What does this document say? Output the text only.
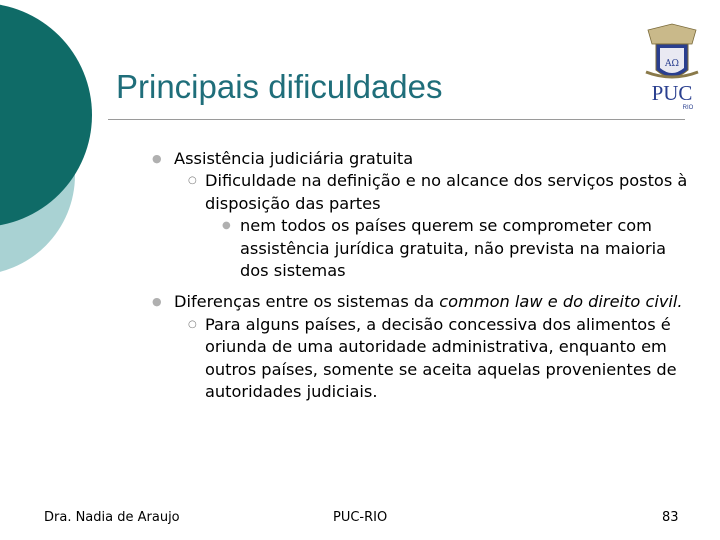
Principais dificuldades
AΩ
PUC
RIO
● Assistência judiciária gratuita
○ Dificuldade na definição e no alcance dos serviços postos à disposição das partes
● nem todos os países querem se comprometer com assistência jurídica gratuita, não prevista na maioria dos sistemas
● Diferenças entre os sistemas da common law e do direito civil.
○ Para alguns países, a decisão concessiva dos alimentos é oriunda de uma autoridade administrativa, enquanto em outros países, somente se aceita aquelas provenientes de autoridades judiciais.
Dra. Nadia de Araujo	PUC-RIO	83
